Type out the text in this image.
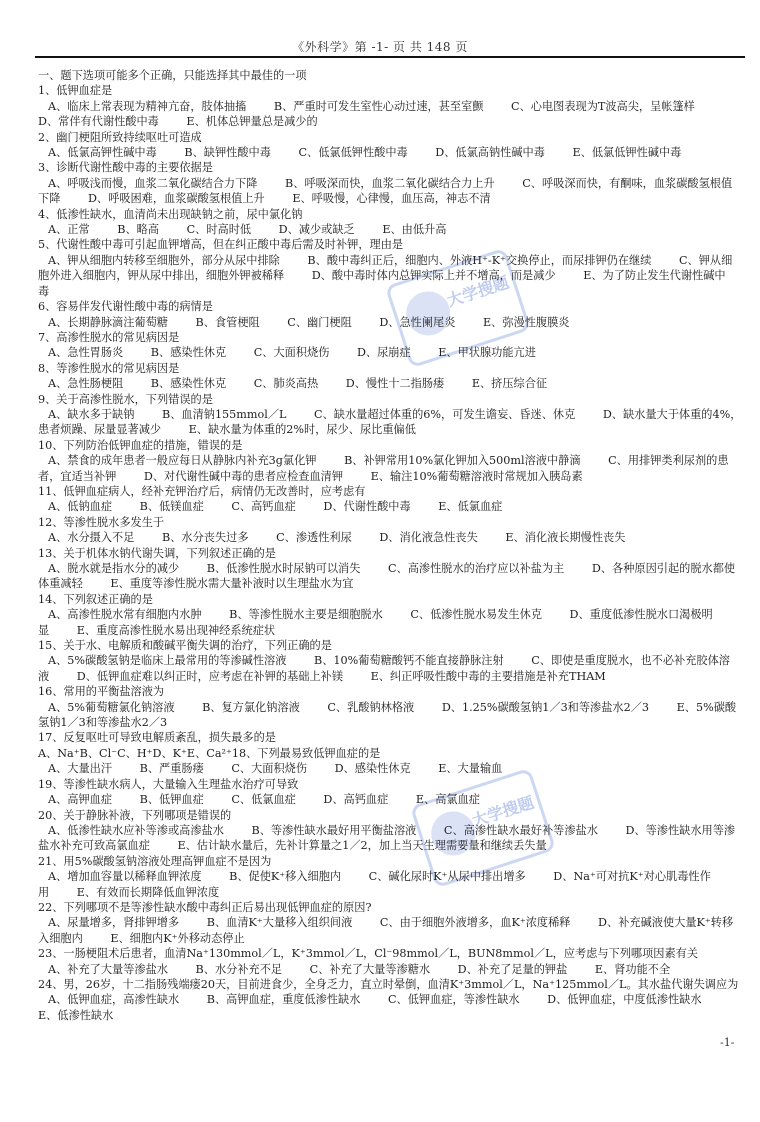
《外科学》第 -1- 页 共 148 页
大学搜题
大学搜题

一、题下选项可能多个正确，只能选择其中最佳的一项

1、低钾血症是

A、临床上常表现为精神亢奋，肢体抽搐 B、严重时可发生室性心动过速，甚至室颤 C、心电图表现为T波高尖，呈帐篷样 D、常伴有代谢性酸中毒 E、机体总钾量总是减少的

2、幽门梗阻所致持续呕吐可造成

A、低氯高钾性碱中毒 B、缺钾性酸中毒 C、低氯低钾性酸中毒 D、低氯高钠性碱中毒 E、低氯低钾性碱中毒

3、诊断代谢性酸中毒的主要依据是

A、呼吸浅而慢，血浆二氧化碳结合力下降 B、呼吸深而快，血浆二氧化碳结合力上升 C、呼吸深而快，有酮味，血浆碳酸氢根值下降 D、呼吸困难，血浆碳酸氢根值上升 E、呼吸慢，心律慢，血压高，神志不清

4、低渗性缺水，血清尚未出现缺钠之前，尿中氯化钠

A、正常 B、略高 C、时高时低 D、减少或缺乏 E、由低升高

5、代谢性酸中毒可引起血钾增高，但在纠正酸中毒后需及时补钾，理由是

A、钾从细胞内转移至细胞外，部分从尿中排除 B、酸中毒纠正后，细胞内、外液H⁺-K⁺交换停止，而尿排钾仍在继续 C、钾从细胞外进入细胞内，钾从尿中排出，细胞外钾被稀释 D、酸中毒时体内总钾实际上并不增高，而是减少 E、为了防止发生代谢性碱中毒

6、容易伴发代谢性酸中毒的病情是

A、长期静脉滴注葡萄糖 B、食管梗阻 C、幽门梗阻 D、急性阑尾炎 E、弥漫性腹膜炎

7、高渗性脱水的常见病因是

A、急性胃肠炎 B、感染性休克 C、大面积烧伤 D、尿崩症 E、甲状腺功能亢进

8、等渗性脱水的常见病因是

A、急性肠梗阻 B、感染性休克 C、肺炎高热 D、慢性十二指肠瘘 E、挤压综合征

9、关于高渗性脱水，下列错误的是

A、缺水多于缺钠 B、血清钠155mmol／L C、缺水量超过体重的6%，可发生谵妄、昏迷、休克 D、缺水量大于体重的4%，患者烦躁、尿量显著减少 E、缺水量为体重的2%时，尿少、尿比重偏低

10、下列防治低钾血症的措施，错误的是

A、禁食的成年患者一般应每日从静脉内补充3g氯化钾 B、补钾常用10%氯化钾加入500ml溶液中静滴 C、用排钾类利尿剂的患者，宜适当补钾 D、对代谢性碱中毒的患者应检查血清钾 E、输注10%葡萄糖溶液时常规加入胰岛素

11、低钾血症病人，经补充钾治疗后，病情仍无改善时，应考虑有

A、低钠血症 B、低镁血症 C、高钙血症 D、代谢性酸中毒 E、低氯血症

12、等渗性脱水多发生于

A、水分摄入不足 B、水分丧失过多 C、渗透性利尿 D、消化液急性丧失 E、消化液长期慢性丧失

13、关于机体水钠代谢失调，下列叙述正确的是

A、脱水就是指水分的减少 B、低渗性脱水时尿钠可以消失 C、高渗性脱水的治疗应以补盐为主 D、各种原因引起的脱水都使体重减轻 E、重度等渗性脱水需大量补液时以生理盐水为宜

14、下列叙述正确的是

A、高渗性脱水常有细胞内水肿 B、等渗性脱水主要是细胞脱水 C、低渗性脱水易发生休克 D、重度低渗性脱水口渴极明显 E、重度高渗性脱水易出现神经系统症状

15、关于水、电解质和酸碱平衡失调的治疗，下列正确的是

A、5%碳酸氢钠是临床上最常用的等渗碱性溶液 B、10%葡萄糖酸钙不能直接静脉注射 C、即使是重度脱水，也不必补充胶体溶液 D、低钾血症难以纠正时，应考虑在补钾的基础上补镁 E、纠正呼吸性酸中毒的主要措施是补充THAM

16、常用的平衡盐溶液为

A、5%葡萄糖氯化钠溶液 B、复方氯化钠溶液 C、乳酸钠林格液 D、1.25%碳酸氢钠1／3和等渗盐水2／3 E、5%碳酸氢钠1／3和等渗盐水2／3

17、反复呕吐可导致电解质紊乱，损失最多的是

A、Na⁺B、Cl⁻C、H⁺D、K⁺E、Ca²⁺18、下列最易致低钾血症的是

A、大量出汗 B、严重肠瘘 C、大面积烧伤 D、感染性休克 E、大量输血

19、等渗性缺水病人，大量输入生理盐水治疗可导致

A、高钾血症 B、低钾血症 C、低氯血症 D、高钙血症 E、高氯血症

20、关于静脉补液，下列哪项是错误的

A、低渗性缺水应补等渗或高渗盐水 B、等渗性缺水最好用平衡盐溶液 C、高渗性缺水最好补等渗盐水 D、等渗性缺水用等渗盐水补充可致高氯血症 E、估计缺水量后，先补计算量之1／2，加上当天生理需要量和继续丢失量

21、用5%碳酸氢钠溶液处理高钾血症不是因为

A、增加血容量以稀释血钾浓度 B、促使K⁺移入细胞内 C、碱化尿时K⁺从尿中排出增多 D、Na⁺可对抗K⁺对心肌毒性作用 E、有效而长期降低血钾浓度

22、下列哪项不是等渗性缺水酸中毒纠正后易出现低钾血症的原因?

A、尿量增多，肾排钾增多 B、血清K⁺大量移入组织间液 C、由于细胞外液增多，血K⁺浓度稀释 D、补充碱液使大量K⁺转移入细胞内 E、细胞内K⁺外移动态停止

23、一肠梗阻术后患者，血清Na⁺130mmol／L，K⁺3mmol／L，Cl⁻98mmol／L，BUN8mmol／L，应考虑与下列哪项因素有关

A、补充了大量等渗盐水 B、水分补充不足 C、补充了大量等渗糖水 D、补充了足量的钾盐 E、肾功能不全

24、男，26岁，十二指肠残端瘘20天，目前进食少，全身乏力，直立时晕倒，血清K⁺3mmol／L，Na⁺125mmol／L。其水盐代谢失调应为

A、低钾血症，高渗性缺水 B、高钾血症，重度低渗性缺水 C、低钾血症，等渗性缺水 D、低钾血症，中度低渗性缺水 E、低渗性缺水

-1-
